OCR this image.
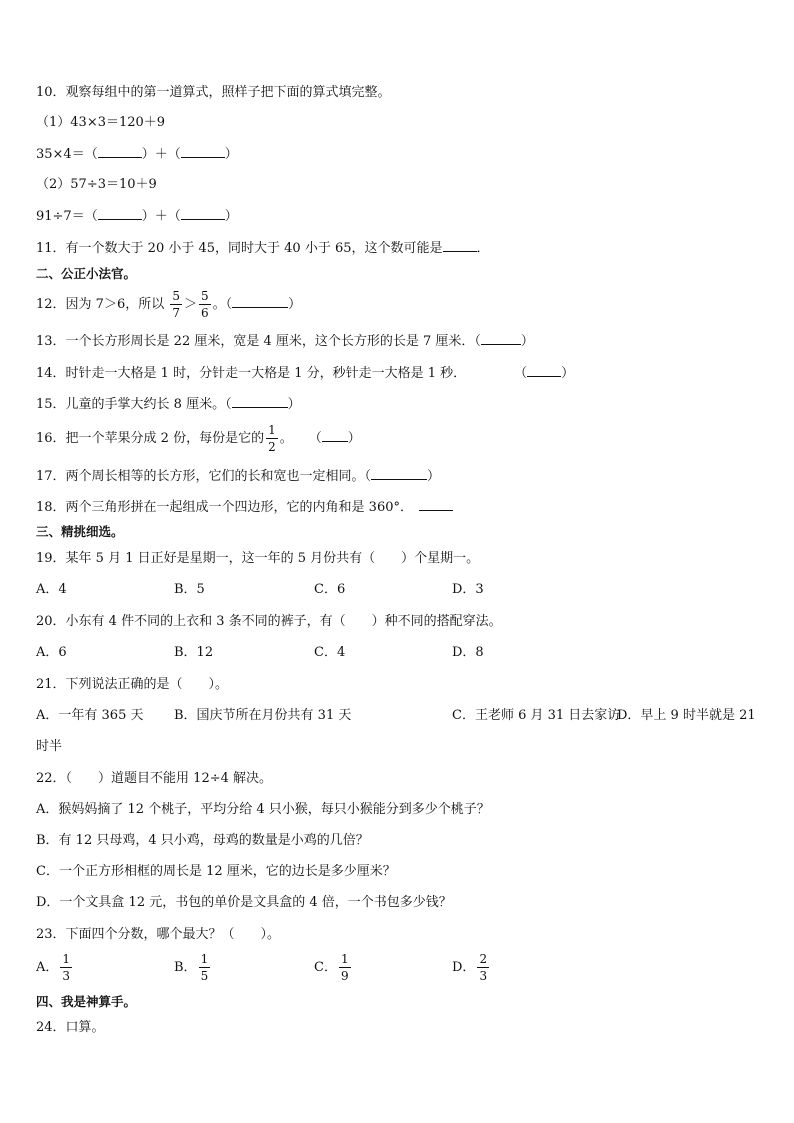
10．观察每组中的第一道算式，照样子把下面的算式填完整。
（1）43×3＝120＋9
35×4＝（	）＋（	）
（2）57÷3＝10＋9
91÷7＝（	）＋（	）
11．有一个数大于 20 小于 45，同时大于 40 小于 65，这个数可能是	．
二、公正小法官。
12．因为 7＞6，所以 $\frac{5}{7} > \frac{5}{6}$ 。（	）
13．一个长方形周长是 22 厘米，宽是 4 厘米，这个长方形的长是 7 厘米．（	）
14．时针走一大格是 1 时，分针走一大格是 1 分，秒针走一大格是 1 秒．	（	）
15．儿童的手掌大约长 8 厘米。（	）
16．把一个苹果分成 2 份，每份是它的 $\frac{1}{2}$ 。 （ ）
17．两个周长相等的长方形，它们的长和宽也一定相同。（	）
18．两个三角形拼在一起组成一个四边形，它的内角和是 360°．
三、精挑细选。
19．某年 5 月 1 日正好是星期一，这一年的 5 月份共有（　　）个星期一。
A．4	B．5	C．6	D．3
20．小东有 4 件不同的上衣和 3 条不同的裤子，有（　　）种不同的搭配穿法。
A．6	B．12	C．4	D．8
21．下列说法正确的是（　　）。
A．一年有 365 天 B．国庆节所在月份共有 31 天	C．王老师 6 月 31 日去家访
D．早上 9 时半就是 21
时半
22．（　　）道题目不能用 12÷4 解决。
A．猴妈妈摘了 12 个桃子，平均分给 4 只小猴，每只小猴能分到多少个桃子？
B．有 12 只母鸡，4 只小鸡，母鸡的数量是小鸡的几倍？
C．一个正方形相框的周长是 12 厘米，它的边长是多少厘米？
D．一个文具盒 12 元，书包的单价是文具盒的 4 倍，一个书包多少钱？
23．下面四个分数，哪个最大？（　　）。
A． $\frac{1}{3}$	B． $\frac{1}{5}$	C． $\frac{1}{9}$	D． $\frac{2}{3}$
四、我是神算手。
24．口算。
